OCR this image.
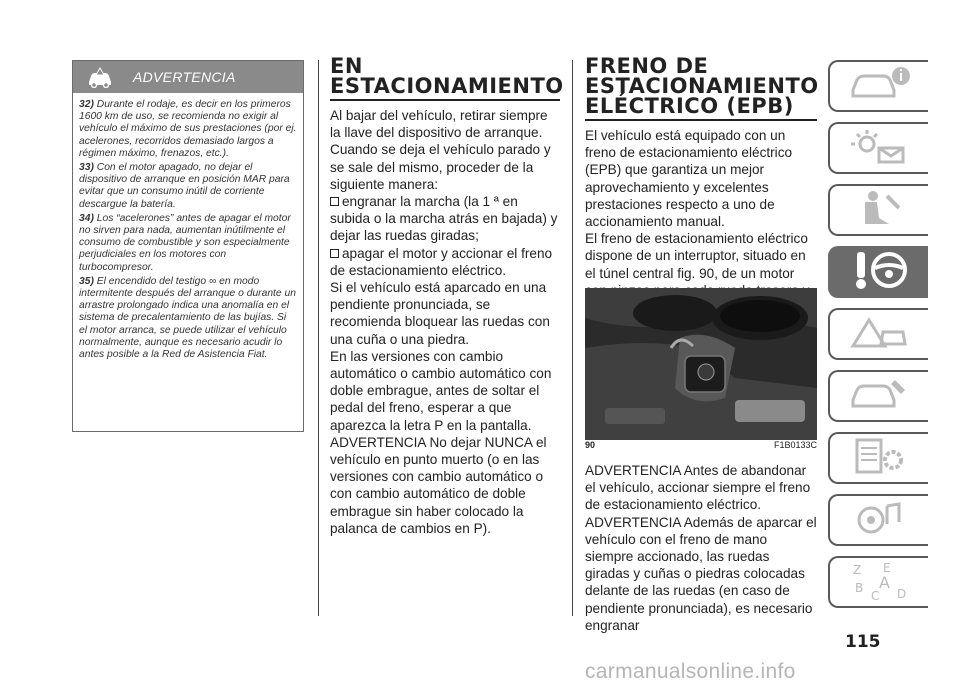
ADVERTENCIA
32) Durante el rodaje, es decir en los primeros 1600 km de uso, se recomienda no exigir al vehículo el máximo de sus prestaciones (por ej. acelerones, recorridos demasiado largos a régimen máximo, frenazos, etc.).
33) Con el motor apagado, no dejar el dispositivo de arranque en posición MAR para evitar que un consumo inútil de corriente descargue la batería.
34) Los “acelerones” antes de apagar el motor no sirven para nada, aumentan inútilmente el consumo de combustible y son especialmente perjudiciales en los motores con turbocompresor.
35) El encendido del testigo ∞ en modo intermitente después del arranque o durante un arrastre prolongado indica una anomalía en el sistema de precalentamiento de las bujías. Si el motor arranca, se puede utilizar el vehículo normalmente, aunque es necesario acudir lo antes posible a la Red de Asistencia Fiat.
EN ESTACIONAMIENTO

Al bajar del vehículo, retirar siempre la llave del dispositivo de arranque.

Cuando se deja el vehículo parado y se sale del mismo, proceder de la siguiente manera:

engranar la marcha (la 1 ª en subida o la marcha atrás en bajada) y dejar las ruedas giradas;

apagar el motor y accionar el freno de estacionamiento eléctrico.

Si el vehículo está aparcado en una pendiente pronunciada, se recomienda bloquear las ruedas con una cuña o una piedra.

En las versiones con cambio automático o cambio automático con doble embrague, antes de soltar el pedal del freno, esperar a que aparezca la letra P en la pantalla.

ADVERTENCIA No dejar NUNCA el vehículo en punto muerto (o en las versiones con cambio automático o con cambio automático de doble embrague sin haber colocado la palanca de cambios en P).

FRENO DE ESTACIONAMIENTO ELÉCTRICO (EPB)

El vehículo está equipado con un freno de estacionamiento eléctrico (EPB) que garantiza un mejor aprovechamiento y excelentes prestaciones respecto a uno de accionamiento manual.

El freno de estacionamiento eléctrico dispone de un interruptor, situado en el túnel central fig. 90, de un motor

90	F1B0133C

ADVERTENCIA Antes de abandonar el vehículo, accionar siempre el freno de estacionamiento eléctrico.

ADVERTENCIA Además de aparcar el vehículo con el freno de mano siempre accionado, las ruedas giradas y cuñas o piedras colocadas delante de las ruedas (en caso de pendiente pronunciada), es necesario engranar

Z E
B A
C D
115
carmanualsonline.info
